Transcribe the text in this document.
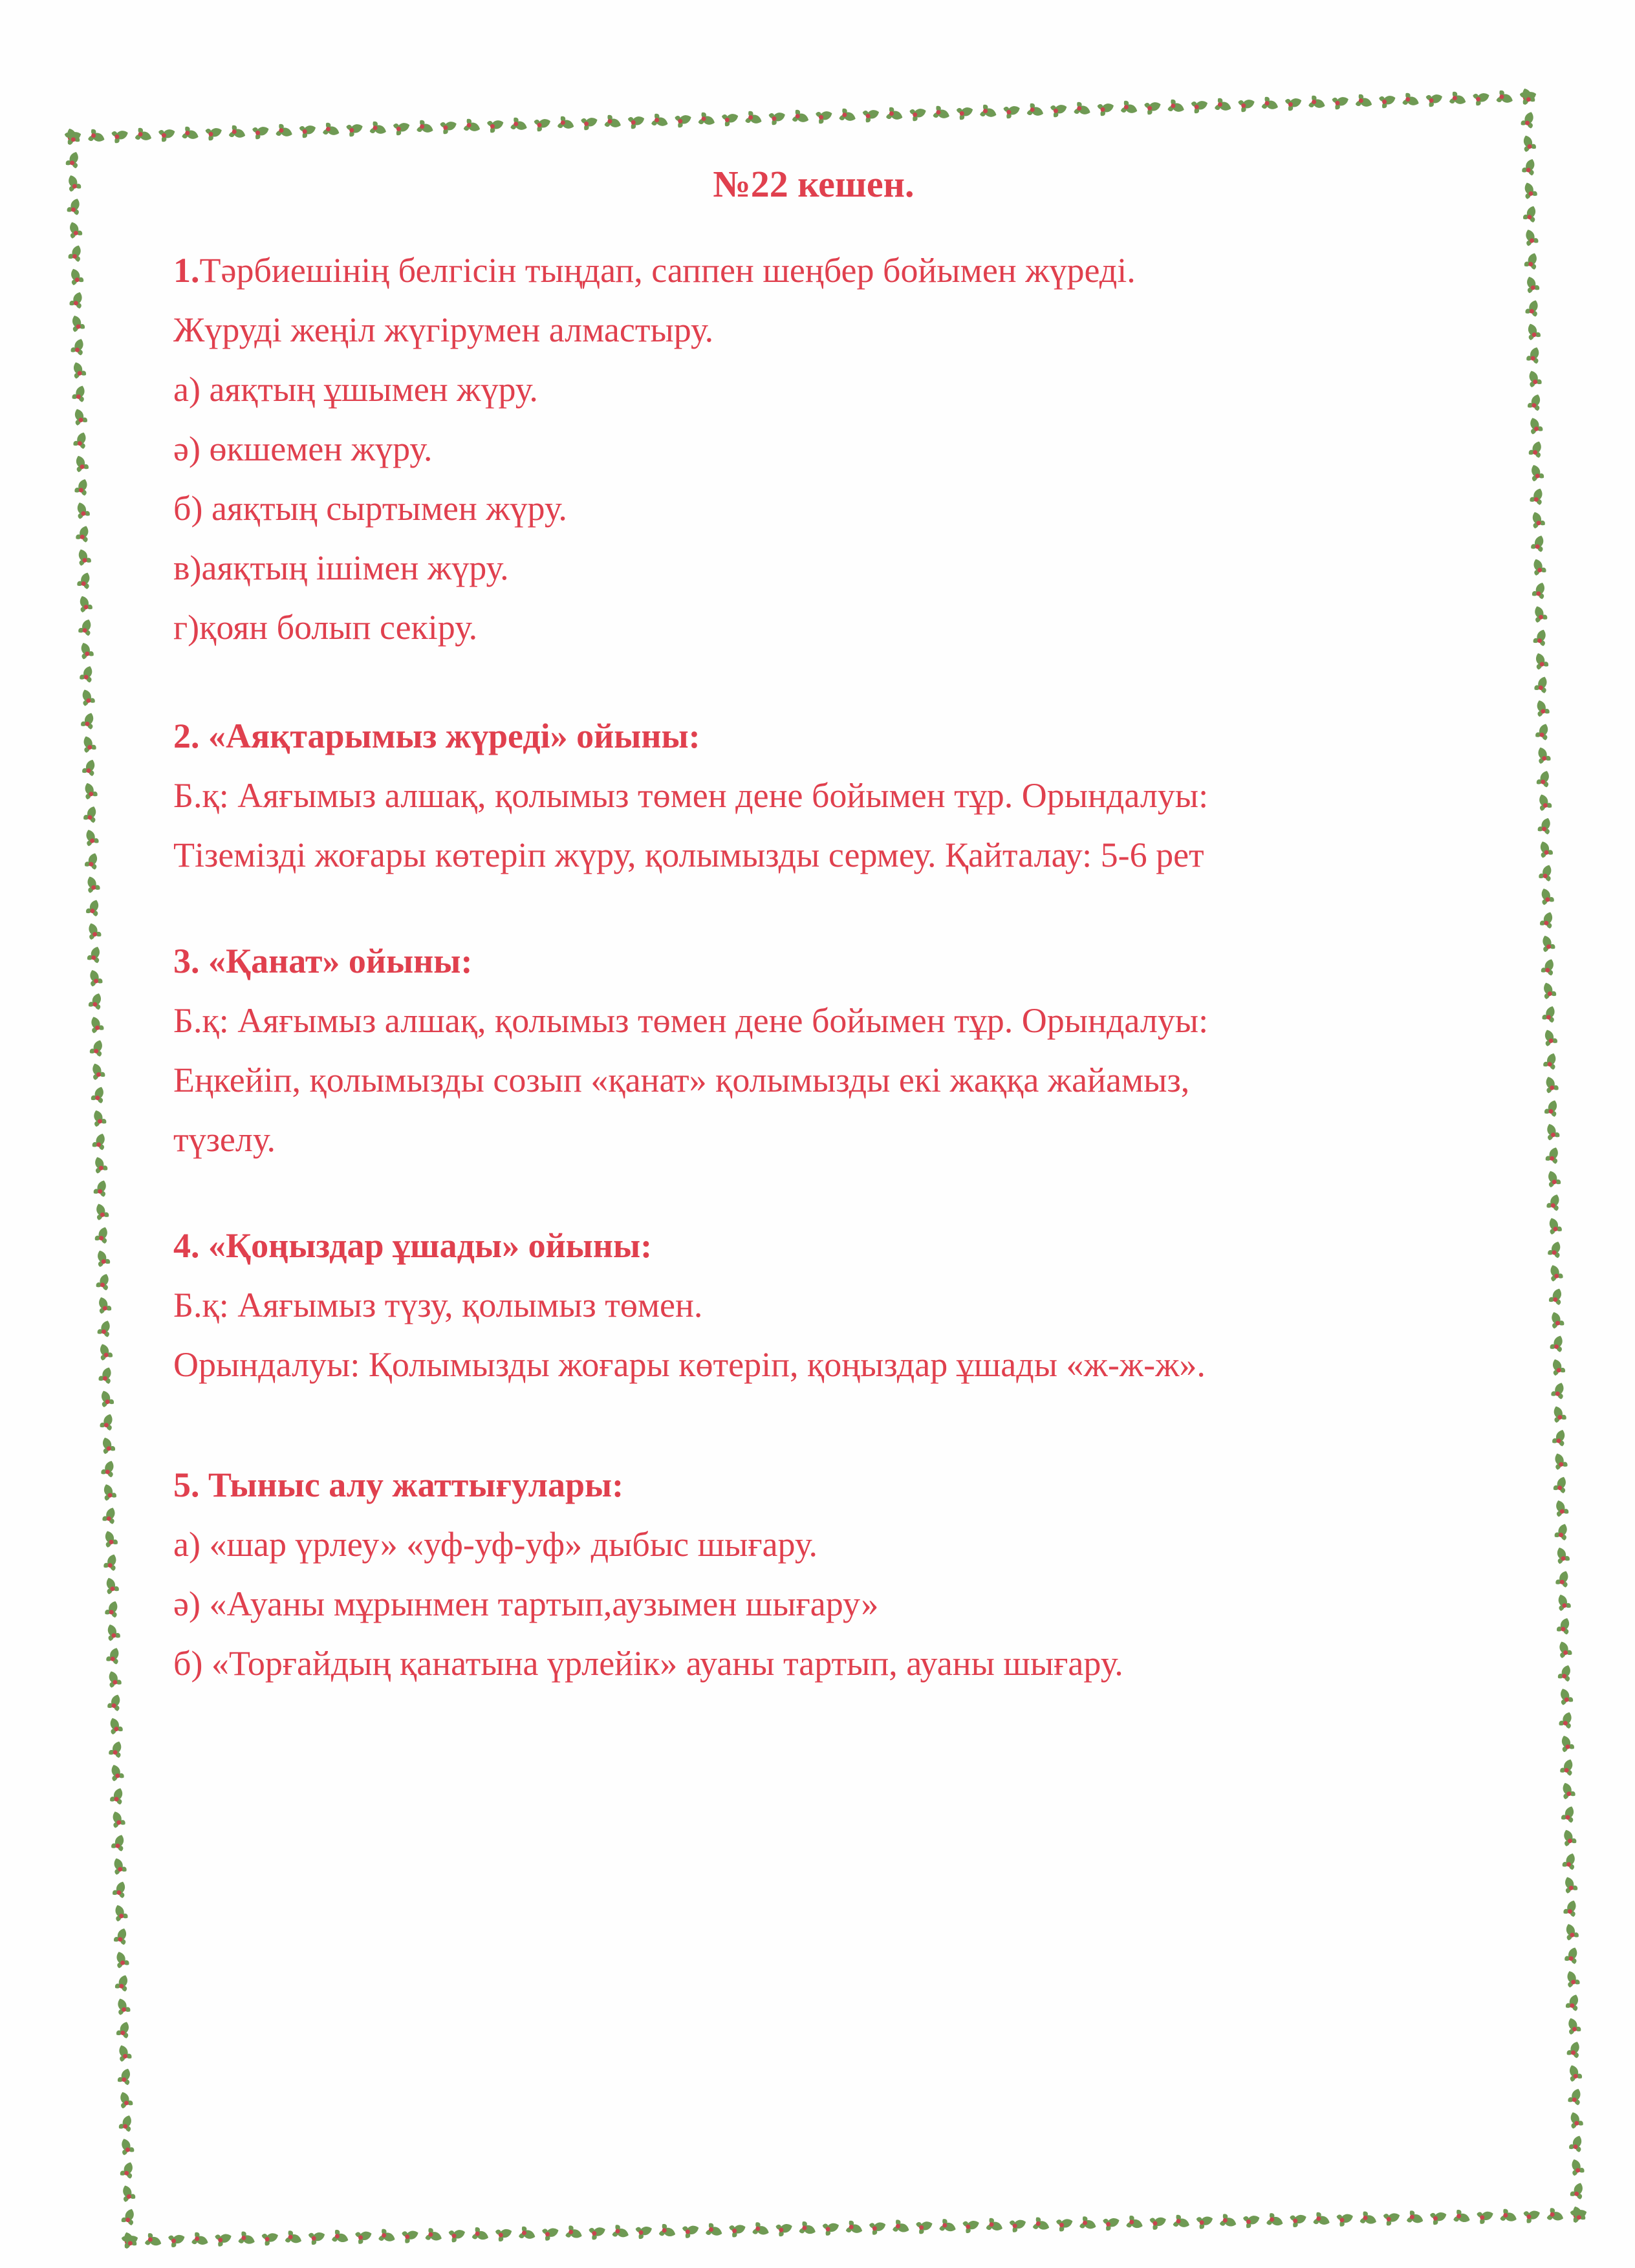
№22 кешен.

1.Тәрбиешінің белгісін тыңдап, саппен шеңбер бойымен жүреді.

Жүруді жеңіл жүгірумен алмастыру.

а) аяқтың ұшымен жүру.

ә) өкшемен жүру.

б) аяқтың сыртымен жүру.

в)аяқтың ішімен жүру.

г)қоян болып секіру.

2. «Аяқтарымыз жүреді» ойыны:

Б.қ: Аяғымыз алшақ, қолымыз төмен дене бойымен тұр. Орындалуы:

Тіземізді жоғары көтеріп жүру, қолымызды сермеу. Қайталау: 5-6 рет

3. «Қанат» ойыны:

Б.қ: Аяғымыз алшақ, қолымыз төмен дене бойымен тұр. Орындалуы:

Еңкейіп, қолымызды созып «қанат» қолымызды екі жаққа жайамыз,

түзелу.

4. «Қоңыздар ұшады» ойыны:

Б.қ: Аяғымыз түзу, қолымыз төмен.

Орындалуы: Қолымызды жоғары көтеріп, қоңыздар ұшады «ж-ж-ж».

5. Тыныс алу жаттығулары:

а) «шар үрлеу» «уф-уф-уф» дыбыс шығару.

ә) «Ауаны мұрынмен тартып,аузымен шығару»

б) «Торғайдың қанатына үрлейік» ауаны тартып, ауаны шығару.
